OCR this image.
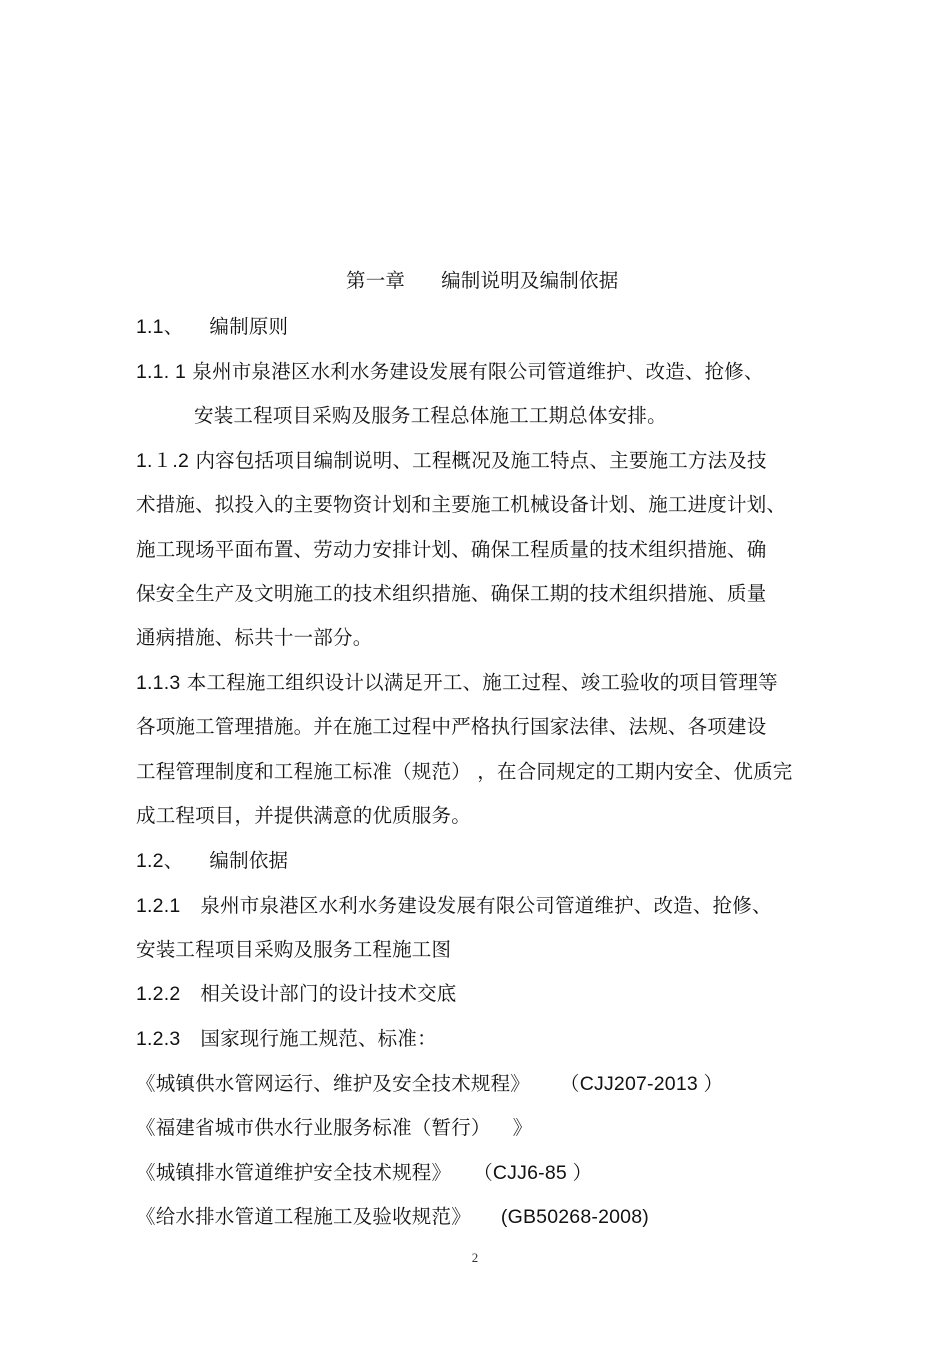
第一章 编制说明及编制依据
1.1、 编制原则
1.1. 1 泉州市泉港区水利水务建设发展有限公司管道维护、改造、抢修、
安装工程项目采购及服务工程总体施工工期总体安排。
1.１.2 内容包括项目编制说明、工程概况及施工特点、主要施工方法及技
术措施、拟投入的主要物资计划和主要施工机械设备计划、施工进度计划、
施工现场平面布置、劳动力安排计划、确保工程质量的技术组织措施、确
保安全生产及文明施工的技术组织措施、确保工期的技术组织措施、质量
通病措施、标共十一部分。
1.1.3 本工程施工组织设计以满足开工、施工过程、竣工验收的项目管理等
各项施工管理措施。并在施工过程中严格执行国家法律、法规、各项建设
工程管理制度和工程施工标准（规范） ，在合同规定的工期内安全、优质完
成工程项目，并提供满意的优质服务。
1.2、 编制依据
1.2.1 泉州市泉港区水利水务建设发展有限公司管道维护、改造、抢修、
安装工程项目采购及服务工程施工图
1.2.2 相关设计部门的设计技术交底
1.2.3 国家现行施工规范、标准：
《城镇供水管网运行、维护及安全技术规程》 （CJJ207-2013 ）
《福建省城市供水行业服务标准（暂行） 》
《城镇排水管道维护安全技术规程》 （CJJ6-85 ）
《给水排水管道工程施工及验收规范》 (GB50268-2008)
2
